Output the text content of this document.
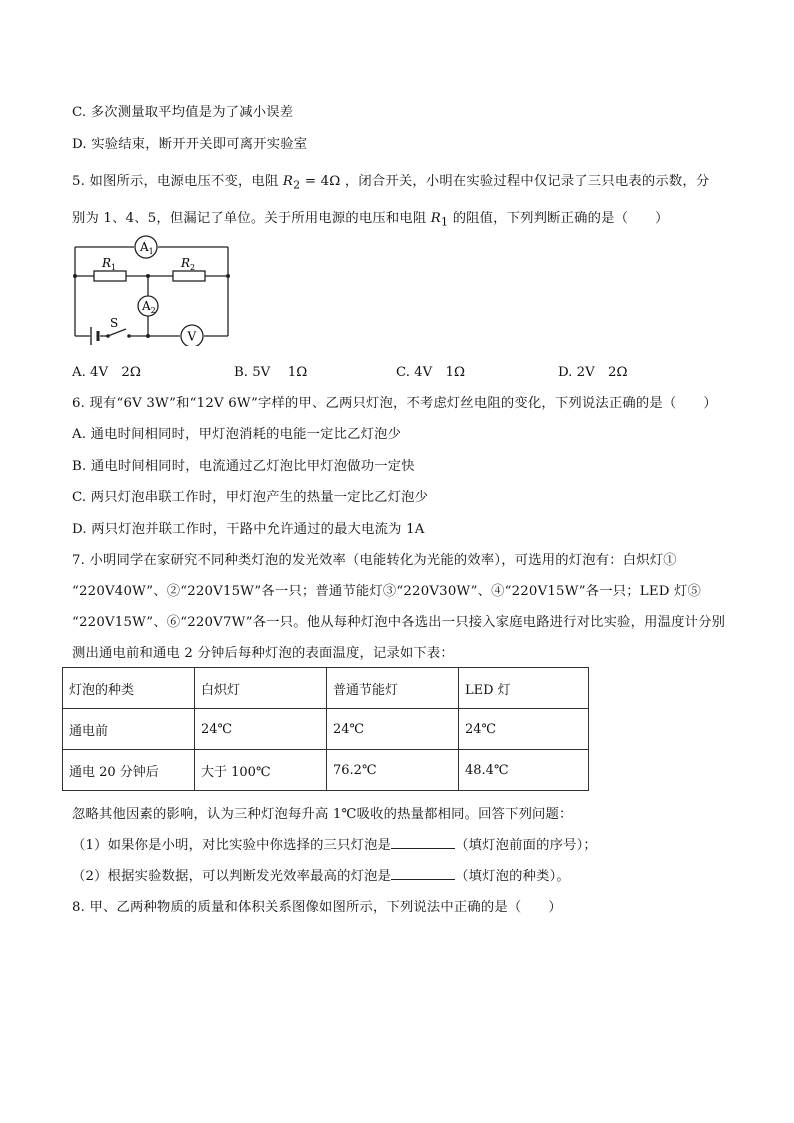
C. 多次测量取平均值是为了减小误差
D. 实验结束，断开开关即可离开实验室
5. 如图所示，电源电压不变，电阻 $R_2 = 4\Omega$ ，闭合开关，小明在实验过程中仅记录了三只电表的示数，分
别为 1、4、5，但漏记了单位。关于所用电源的电压和电阻 $R_1$ 的阻值，下列判断正确的是（　　）
$R_1$	$R_2$
$A_1$
$A_2$
V
S
A. 4V　2Ω	B. 5V　 1Ω	C. 4V　1Ω	D. 2V　2Ω
6. 现有“6V 3W”和“12V 6W”字样的甲、乙两只灯泡，不考虑灯丝电阻的变化，下列说法正确的是（　　）
A. 通电时间相同时，甲灯泡消耗的电能一定比乙灯泡少
B. 通电时间相同时，电流通过乙灯泡比甲灯泡做功一定快
C. 两只灯泡串联工作时，甲灯泡产生的热量一定比乙灯泡少
D. 两只灯泡并联工作时，干路中允许通过的最大电流为 1A
7. 小明同学在家研究不同种类灯泡的发光效率（电能转化为光能的效率），可选用的灯泡有：白炽灯①
“220V40W”、②“220V15W”各一只；普通节能灯③“220V30W”、④“220V15W”各一只；LED 灯⑤
“220V15W”、⑥“220V7W”各一只。他从每种灯泡中各选出一只接入家庭电路进行对比实验，用温度计分别
测出通电前和通电 2 分钟后每种灯泡的表面温度，记录如下表：
灯泡的种类	白炽灯	普通节能灯	LED 灯
通电前	24℃	24℃	24℃
通电 20 分钟后	大于 100℃	76.2℃	48.4℃
忽略其他因素的影响，认为三种灯泡每升高 1℃吸收的热量都相同。回答下列问题：
（1）如果你是小明，对比实验中你选择的三只灯泡是	（填灯泡前面的序号）；
（2）根据实验数据，可以判断发光效率最高的灯泡是	（填灯泡的种类）。
8. 甲、乙两种物质的质量和体积关系图像如图所示，下列说法中正确的是（　　）
